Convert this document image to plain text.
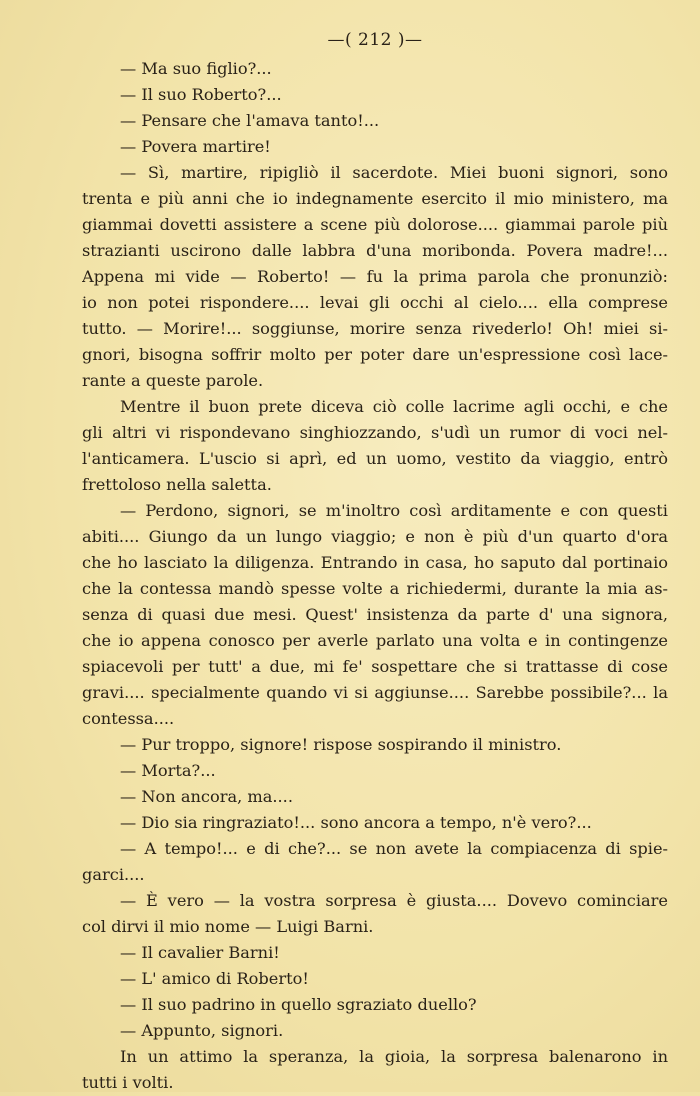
—( 212 )—
— Ma suo figlio?...
— Il suo Roberto?...
— Pensare che l'amava tanto!...
— Povera martire!
— Sì, martire, ripigliò il sacerdote. Miei buoni signori, sono
trenta e più anni che io indegnamente esercito il mio ministero, ma
giammai dovetti assistere a scene più dolorose.... giammai parole più
strazianti uscirono dalle labbra d'una moribonda. Povera madre!...
Appena mi vide — Roberto! — fu la prima parola che pronunziò:
io non potei rispondere.... levai gli occhi al cielo.... ella comprese
tutto. — Morire!... soggiunse, morire senza rivederlo! Oh! miei si-
gnori, bisogna soffrir molto per poter dare un'espressione così lace-
rante a queste parole.
Mentre il buon prete diceva ciò colle lacrime agli occhi, e che
gli altri vi rispondevano singhiozzando, s'udì un rumor di voci nel-
l'anticamera. L'uscio si aprì, ed un uomo, vestito da viaggio, entrò
frettoloso nella saletta.
— Perdono, signori, se m'inoltro così arditamente e con questi
abiti.... Giungo da un lungo viaggio; e non è più d'un quarto d'ora
che ho lasciato la diligenza. Entrando in casa, ho saputo dal portinaio
che la contessa mandò spesse volte a richiedermi, durante la mia as-
senza di quasi due mesi. Quest' insistenza da parte d' una signora,
che io appena conosco per averle parlato una volta e in contingenze
spiacevoli per tutt' a due, mi fe' sospettare che si trattasse di cose
gravi.... specialmente quando vi si aggiunse.... Sarebbe possibile?... la
contessa....
— Pur troppo, signore! rispose sospirando il ministro.
— Morta?...
— Non ancora, ma....
— Dio sia ringraziato!... sono ancora a tempo, n'è vero?...
— A tempo!... e di che?... se non avete la compiacenza di spie-
garci....
— È vero — la vostra sorpresa è giusta.... Dovevo cominciare
col dirvi il mio nome — Luigi Barni.
— Il cavalier Barni!
— L' amico di Roberto!
— Il suo padrino in quello sgraziato duello?
— Appunto, signori.
In un attimo la speranza, la gioia, la sorpresa balenarono in
tutti i volti.
